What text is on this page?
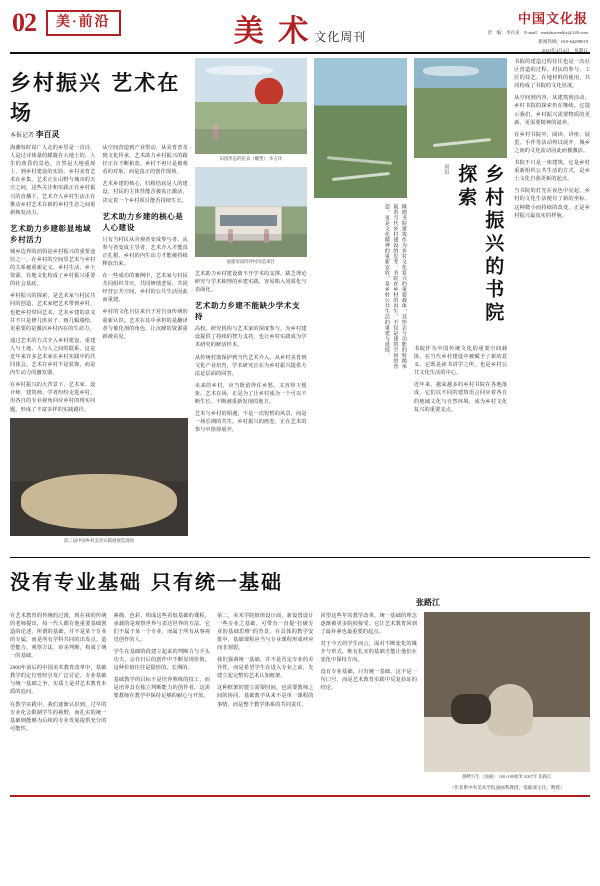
02	美·前沿	美 术 文化周刊
中国文化报
责　编：李百灵　E-mail：meishuweekly@126.com
新闻热线：010-64298019
2021年4月4日　星期日
乡村振兴 艺术在场
本报记者 李百灵

海潮每时说广人走的乡里是一首诗，人是过诗体量的朦胧在大地上的。人生的黄昏的景色，自然是大地重现上，到乡村建设的实验。乡村美育艺术在乡集、艺术正在山野与城市的天空之间，这些关注和实践正在乡村振兴的直播下，艺术介入乡村生活正在推动乡村艺术在新的乡村生态之间重新焕发活力。

艺术助力乡建彰显地域乡村活力

城乡边界的消弭是乡村振兴的重要途径之一，在乡村的空间里艺术与乡村的关系被重新定义，乡村生活、乡土资源、在地文化构成了乡村振兴重要的社会基底。

乡村振兴的探索，是艺术家与村民共同的创造，艺术家把艺术带到乡村，也把乡村带回艺术。艺术乡建的意义并不只是修几座房子、画几幅墙绘，更重要的是激活乡村内在的生命力。

通过艺术的方式介入乡村建设，重建人与土地、人与人之间的联系，这是近年来许多艺术家在乡村实践中的共同体会。艺术在乡村不是装饰，而是内生动力的激发器。

在乡村振兴的大背景下，艺术家、设计师、建筑师、学者纷纷走进乡村，用各自的专业视角回应乡村的现实问题，形成了丰富多样的实践路径。

从空间营造到产业带动，从美育普及到文化传承，艺术助力乡村振兴的路径正在不断拓宽。乡村不再只是被观看的对象，而是真正的创作现场。

艺术乡建的核心，归根结底是人的建设。村民的主体性能否被真正激活，决定着一个乡村项目能否持续生长。

艺术助力乡建的核心是人心建设

只有当村民从旁观者变成参与者、从参与者变成主导者，艺术介入才能真正扎根，乡村的内生动力才能被持续释放出来。

在一些成功的案例中，艺术家与村民共同组织节庆、共同修缮老屋、共同经营公共空间，乡村的公共生活因此而重建。

乡村的文化自信来自于对自身传统的重新认识。艺术在其中承担的是翻译者与催化剂的角色，让沉睡的资源重新被看见。

第三届中国乡村美育实践展展览现场
田园形态的花朵（雕塑） 李占洋
福建屏南四坪村改造项目

艺术助力乡村建设离不开学术的支撑。缺乏理论研究与学术梳理的乡建实践，容易陷入同质化与表面化。

艺术助力乡建不能缺少学术支持

高校、研究机构与艺术家的深度参与，为乡村建设提供了持续的智力支持，也让乡村实践成为学术研究的鲜活样本。

从传统村落保护到当代艺术介入，从乡村美育到文化产业培育，学术研究正在为乡村振兴提供方法论层面的回答。

未来的乡村，应当既留得住乡愁，又容得下想象。艺术在场，正是为了让乡村成为一个可以不断生长、不断被重新发现的地方。

艺术与乡村的相遇，不是一次短暂的风景，而是一场长期的共生。乡村振兴的画卷，正在艺术的参与中徐徐展开。

隆德书院建筑作为乡村文化复兴的重要载体，其形态与功能的转换承载着当代乡村建设的思考。书院在乡村的再生，不仅是建筑空间的营造，更是文化精神的重新安放，是乡村公共生活的重建与延续。	乡村振兴的书院探索
周迅

书院作为中国传统文化的重要空间载体，在当代乡村建设中被赋予了新的意义。它既是读书讲学之所，也是乡村公共文化生活的中心。

近年来，越来越多的乡村书院在各地落成，它们以不同的建筑语言回应着各自的地域文化与自然环境，成为乡村文化复兴的重要支点。

书院的建造过程往往也是一次社区营造的过程。村民的参与、工匠的技艺、在地材料的使用，共同构成了书院的文化厚度。

从空间到内容，从建筑到活动，乡村书院的探索仍在继续。它提示我们，乡村振兴需要物质的更新，更需要精神的滋养。

在乡村书院中，阅读、讲座、展览、手作等活动得以展开，城乡之间的文化流动因此而被激活。

书院不只是一座建筑，它是乡村重新组织公共生活的方式，是乡土文化自我更新的起点。

当书院的灯光在夜色中亮起，乡村的文化生活便有了新的坐标。这种微小而持续的改变，正是乡村振兴最真实的样貌。

没有专业基础 只有统一基础
张路江

在艺术教育的传统的过渡，现在我的传统的老师提出，每一代人都有他重要基础创造的论述。所谓的基础，并不是某个专业的专属，而是所有学科共同的出发点。造型能力、观察方法、审美判断，构成了统一的基础。

2000年前后的中国美术教育改革中，基础教学的定位曾经引发广泛讨论。专业基础与统一基础之争，实质上是对艺术教育本质的追问。

在教学实践中，我们逐渐认识到，过早的专业化会限制学生的视野，而扎实的统一基础则能够为后续的专业发展提供充分的可能性。

素描、色彩、构成这些看似基础的课程，承载的是观察世界与表达世界的方法。它们不属于某一个专业，而属于所有从事视觉创作的人。

学生在基础阶段建立起来的判断力与手头功夫，会在日后的创作中不断显现价值。这种价值往往是隐形的、长期的。

基础教学的目标不是培养熟练的技工，而是培养具有独立判断能力的创作者。这需要教师在教学中保持足够的耐心与开放。

第二，美术学院值值设计面，新设置设计一些专业之基础，可带有一直提“打破专业的基础思维”的背景。在具体的教学安排中，基础课程应当与专业课程形成呼应而非割裂。

我们强调统一基础，并不是否定专业的差异性，而是希望学生在进入专业之前，先建立起完整的艺术认知框架。

这种框架的建立需要时间，也需要教师之间的协同。基础教学从来不是单一课程的事情，而是整个教学体系的共同责任。

回望这些年的教学改革，统一基础的理念逐渐被更多院校接受。它让艺术教育回到了最朴素也最重要的起点。

对于今天的学生而言，面对不断变化的媒介与形式，唯有扎实的基础才能让他们在变化中保持方向。

没有专业基础，只有统一基础。这不是一句口号，而是艺术教育实践中反复验证的结论。

静物写生（油画） 100×100厘米 2007年 张路江
（作者系中央美术学院油画系教授、基础部主任、教授）
